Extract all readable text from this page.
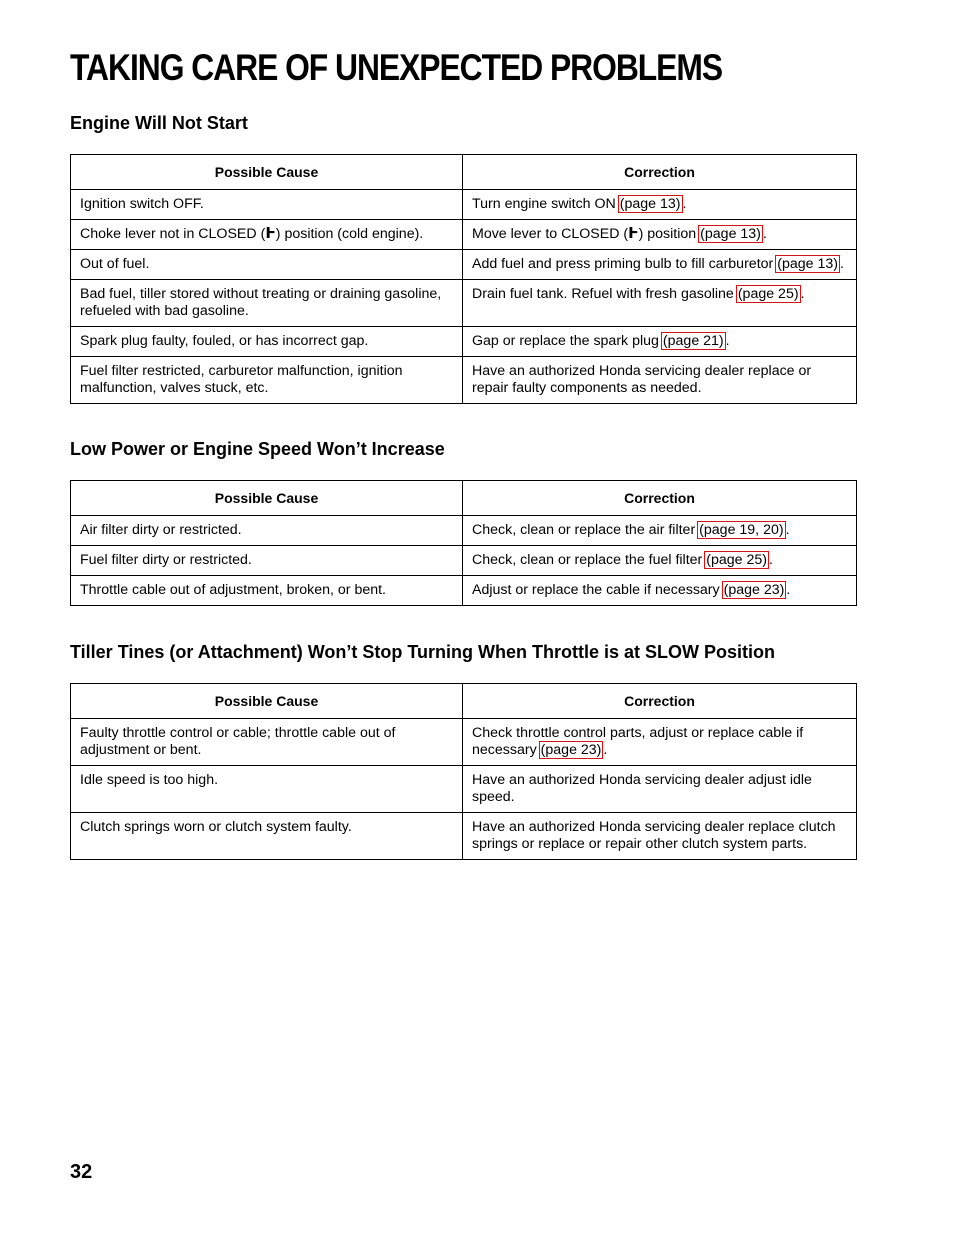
TAKING CARE OF UNEXPECTED PROBLEMS
Engine Will Not Start
Possible Cause	Correction
Ignition switch OFF.	Turn engine switch ON (page 13) .
Choke lever not in CLOSED (Ⱶ) position (cold engine).	Move lever to CLOSED (Ⱶ) position (page 13) .
Out of fuel.	Add fuel and press priming bulb to fill carburetor (page 13) .
Bad fuel, tiller stored without treating or draining gasoline, refueled with bad gasoline.	Drain fuel tank. Refuel with fresh gasoline (page 25) .
Spark plug faulty, fouled, or has incorrect gap.	Gap or replace the spark plug (page 21) .
Fuel filter restricted, carburetor malfunction, ignition malfunction, valves stuck, etc.	Have an authorized Honda servicing dealer replace or repair faulty components as needed.
Low Power or Engine Speed Won’t Increase
Possible Cause	Correction
Air filter dirty or restricted.	Check, clean or replace the air filter (page 19, 20) .
Fuel filter dirty or restricted.	Check, clean or replace the fuel filter (page 25) .
Throttle cable out of adjustment, broken, or bent.	Adjust or replace the cable if necessary (page 23) .
Tiller Tines (or Attachment) Won’t Stop Turning When Throttle is at SLOW Position
Possible Cause	Correction
Faulty throttle control or cable; throttle cable out of adjustment or bent.	Check throttle control parts, adjust or replace cable if necessary (page 23) .
Idle speed is too high.	Have an authorized Honda servicing dealer adjust idle speed.
Clutch springs worn or clutch system faulty.	Have an authorized Honda servicing dealer replace clutch springs or replace or repair other clutch system parts.

32
